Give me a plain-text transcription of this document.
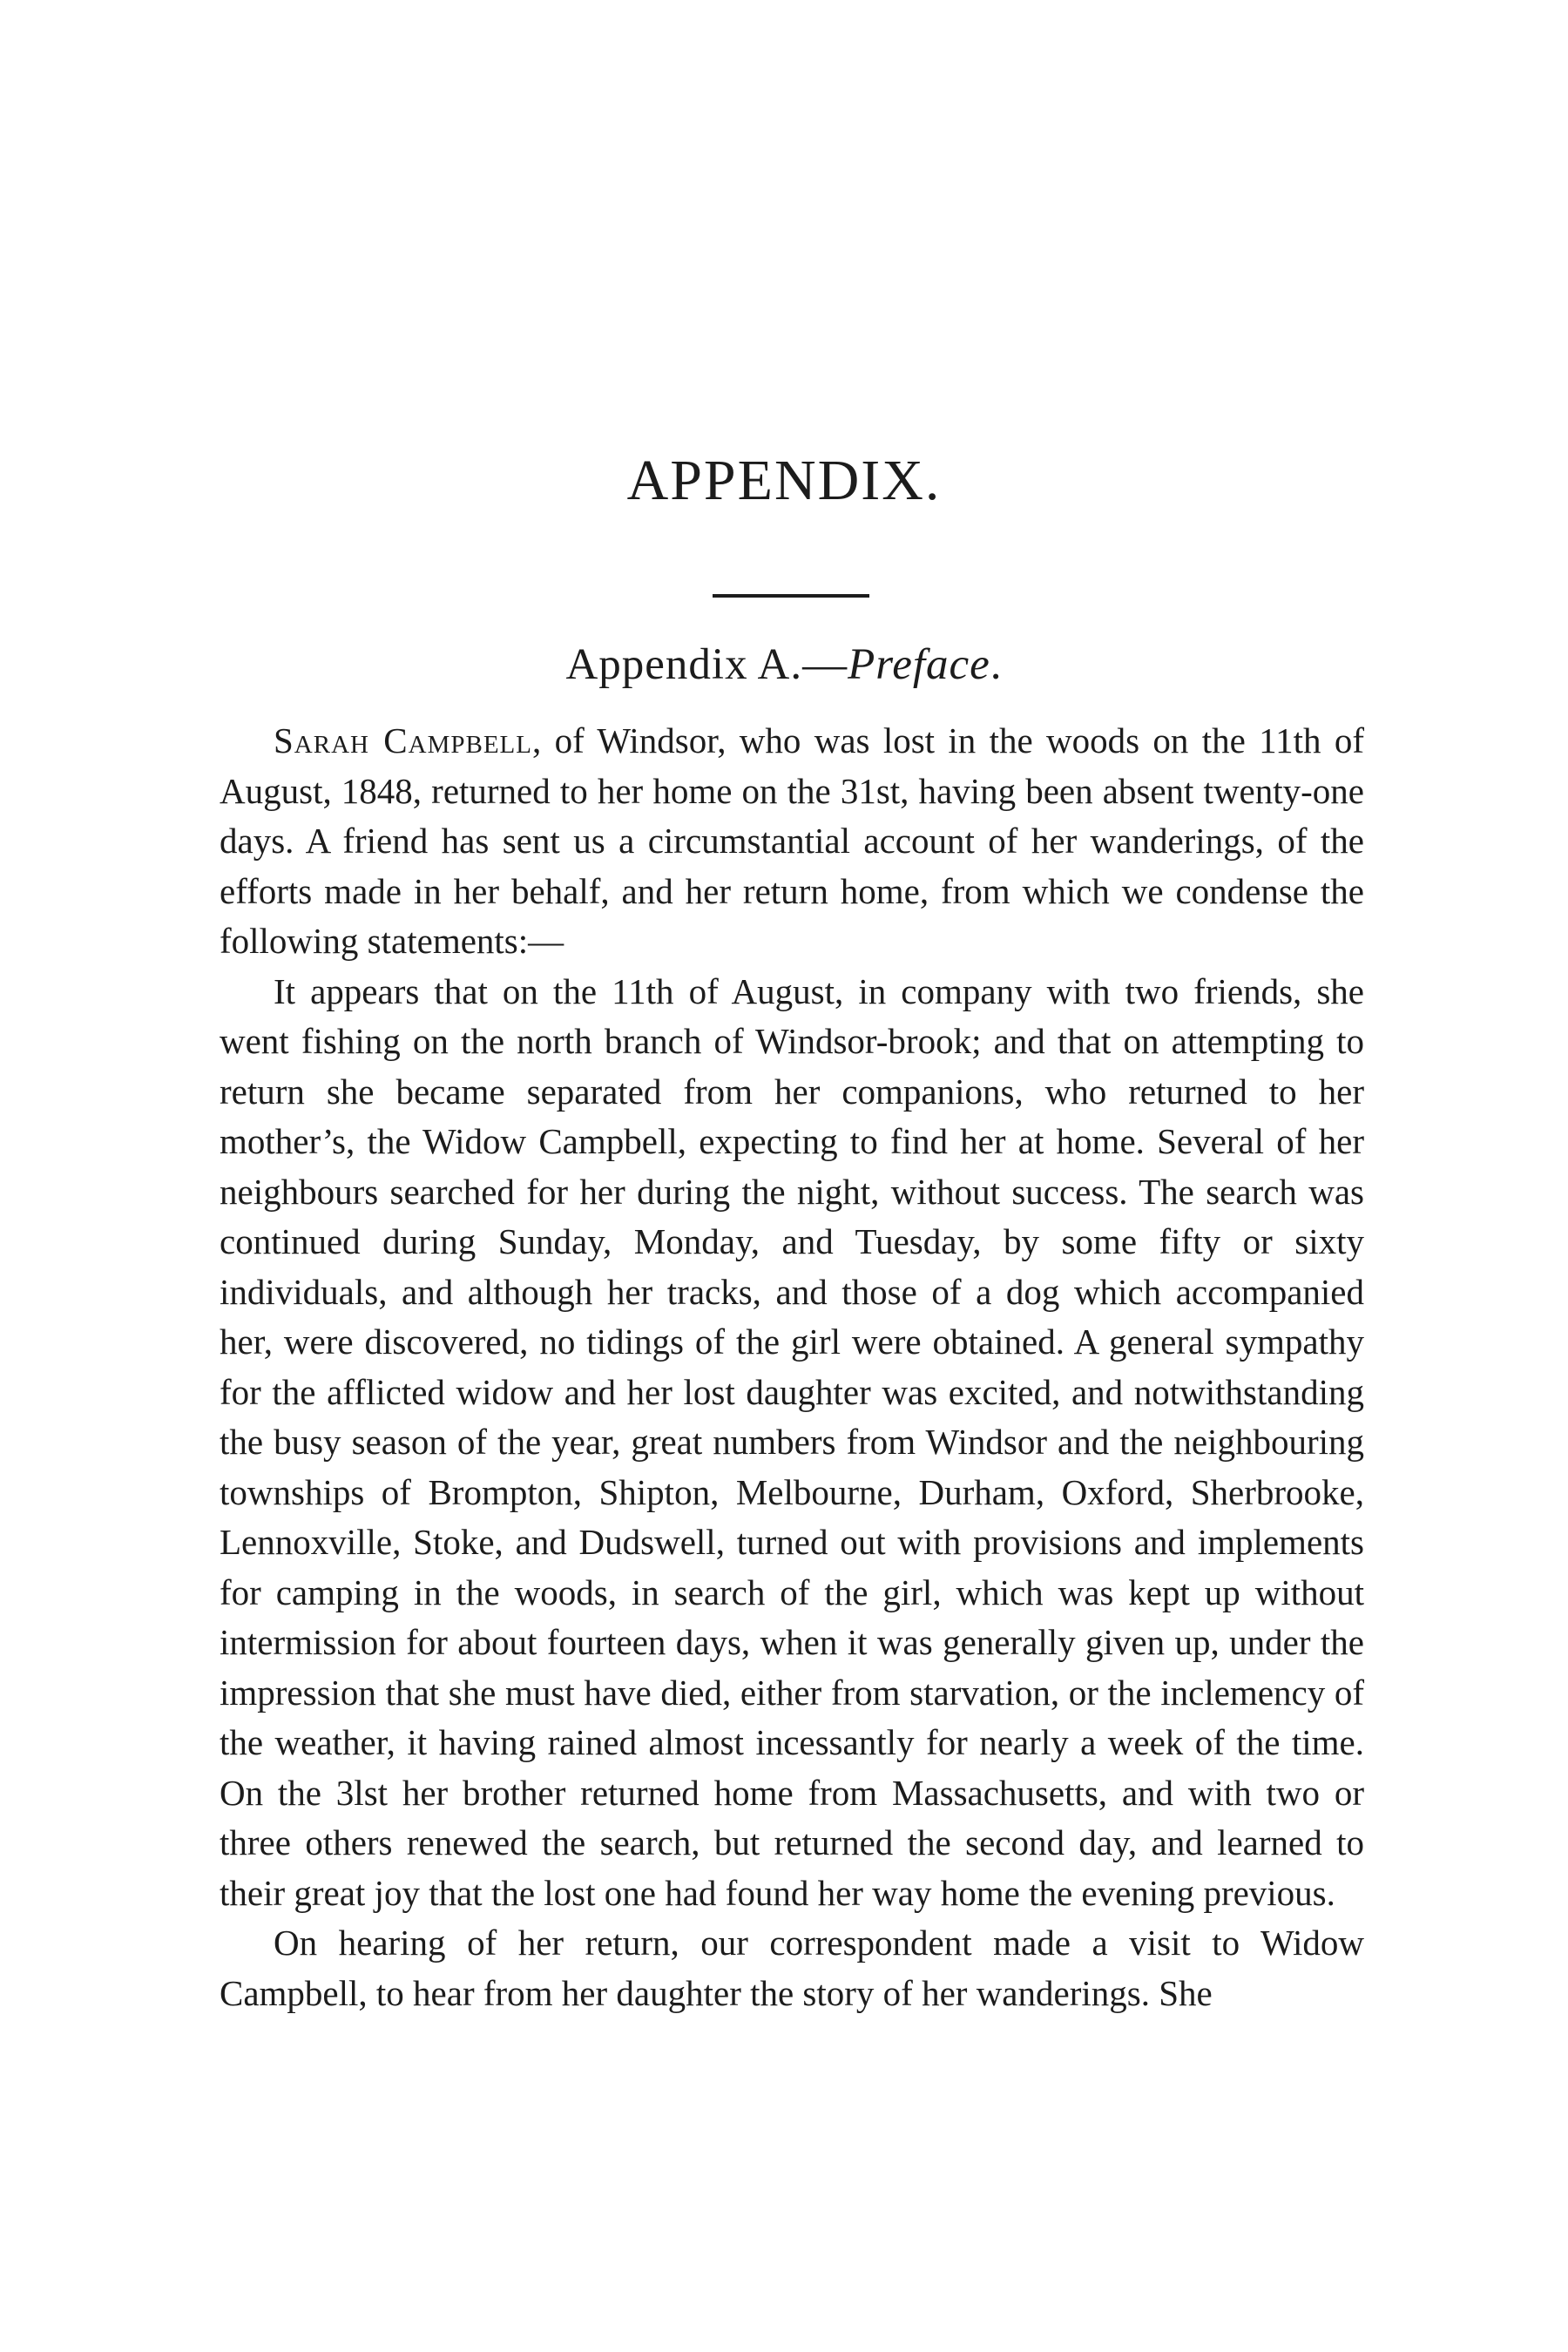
APPENDIX.
Appendix A.—Preface.

Sarah Campbell, of Windsor, who was lost in the woods on the 11th of August, 1848, returned to her home on the 31st, having been absent twenty-one days. A friend has sent us a circumstantial account of her wanderings, of the efforts made in her behalf, and her return home, from which we condense the following statements:—

It appears that on the 11th of August, in company with two friends, she went fishing on the north branch of Windsor-brook; and that on attempting to return she became separated from her companions, who returned to her mother’s, the Widow Campbell, expecting to find her at home. Several of her neighbours searched for her during the night, without success. The search was continued during Sunday, Monday, and Tuesday, by some fifty or sixty individuals, and although her tracks, and those of a dog which accompanied her, were discovered, no tidings of the girl were obtained. A general sympathy for the afflicted widow and her lost daughter was excited, and notwithstanding the busy season of the year, great numbers from Windsor and the neighbouring townships of Brompton, Shipton, Melbourne, Durham, Oxford, Sherbrooke, Lennoxville, Stoke, and Dudswell, turned out with provisions and implements for camping in the woods, in search of the girl, which was kept up without intermission for about fourteen days, when it was generally given up, under the impression that she must have died, either from starvation, or the inclemency of the weather, it having rained almost incessantly for nearly a week of the time. On the 3lst her brother returned home from Massachusetts, and with two or three others renewed the search, but returned the second day, and learned to their great joy that the lost one had found her way home the evening previous.

On hearing of her return, our correspondent made a visit to Widow Campbell, to hear from her daughter the story of her wanderings. She
